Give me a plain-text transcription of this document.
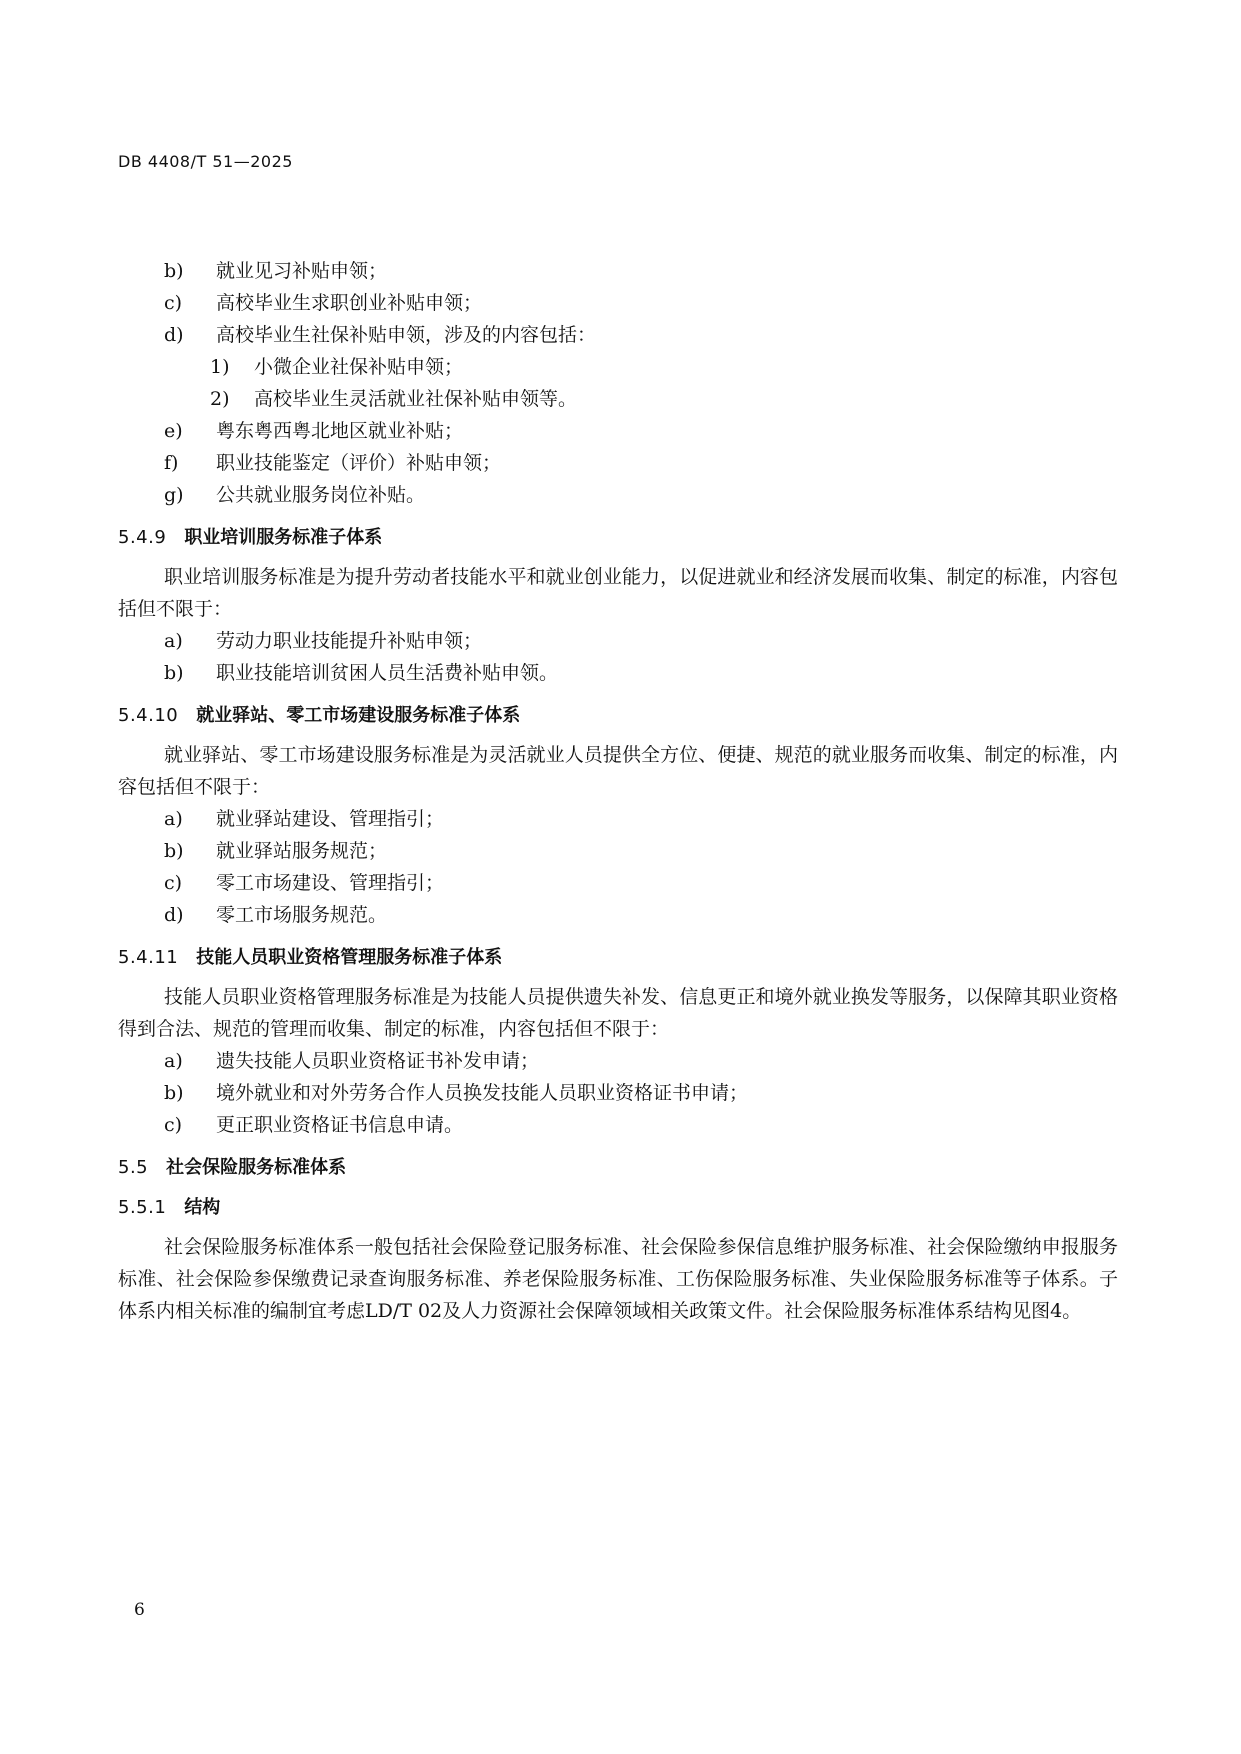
DB 4408/T 51—2025
b) 就业见习补贴申领；
c) 高校毕业生求职创业补贴申领；
d) 高校毕业生社保补贴申领，涉及的内容包括：
1) 小微企业社保补贴申领；
2) 高校毕业生灵活就业社保补贴申领等。
e) 粤东粤西粤北地区就业补贴；
f) 职业技能鉴定（评价）补贴申领；
g) 公共就业服务岗位补贴。
5.4.9 职业培训服务标准子体系

职业培训服务标准是为提升劳动者技能水平和就业创业能力，以促进就业和经济发展而收集、制定的标准，内容包括但不限于：

a) 劳动力职业技能提升补贴申领；
b) 职业技能培训贫困人员生活费补贴申领。
5.4.10 就业驿站、零工市场建设服务标准子体系

就业驿站、零工市场建设服务标准是为灵活就业人员提供全方位、便捷、规范的就业服务而收集、制定的标准，内容包括但不限于：

a) 就业驿站建设、管理指引；
b) 就业驿站服务规范；
c) 零工市场建设、管理指引；
d) 零工市场服务规范。
5.4.11 技能人员职业资格管理服务标准子体系

技能人员职业资格管理服务标准是为技能人员提供遗失补发、信息更正和境外就业换发等服务，以保障其职业资格得到合法、规范的管理而收集、制定的标准，内容包括但不限于：

a) 遗失技能人员职业资格证书补发申请；
b) 境外就业和对外劳务合作人员换发技能人员职业资格证书申请；
c) 更正职业资格证书信息申请。
5.5 社会保险服务标准体系
5.5.1 结构

社会保险服务标准体系一般包括社会保险登记服务标准、社会保险参保信息维护服务标准、社会保险缴纳申报服务标准、社会保险参保缴费记录查询服务标准、养老保险服务标准、工伤保险服务标准、失业保险服务标准等子体系。子体系内相关标准的编制宜考虑LD/T 02及人力资源社会保障领域相关政策文件。社会保险服务标准体系结构见图4。

6
